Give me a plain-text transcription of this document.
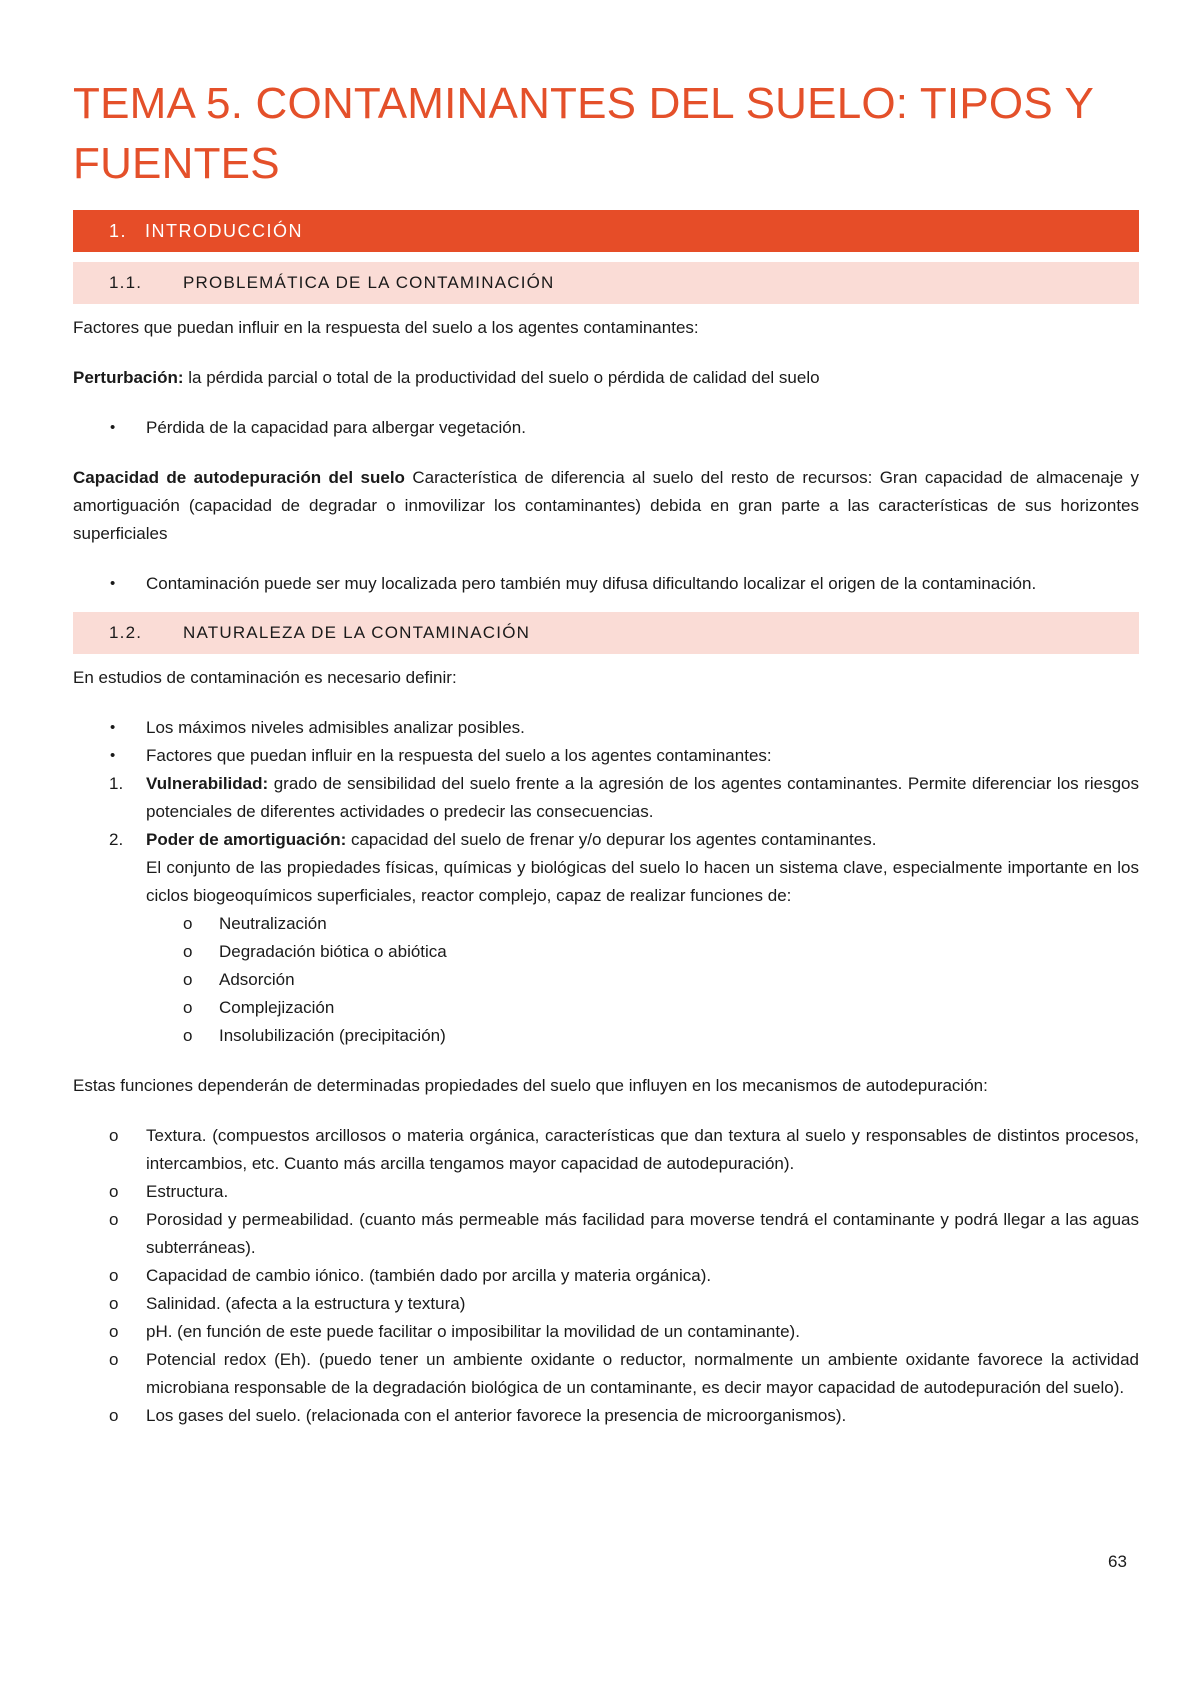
TEMA 5. CONTAMINANTES DEL SUELO: TIPOS Y FUENTES
1. INTRODUCCIÓN
1.1. PROBLEMÁTICA DE LA CONTAMINACIÓN

Factores que puedan influir en la respuesta del suelo a los agentes contaminantes:

Perturbación: la pérdida parcial o total de la productividad del suelo o pérdida de calidad del suelo

• Pérdida de la capacidad para albergar vegetación.

Capacidad de autodepuración del suelo Característica de diferencia al suelo del resto de recursos: Gran capacidad de almacenaje y amortiguación (capacidad de degradar o inmovilizar los contaminantes) debida en gran parte a las características de sus horizontes superficiales

• Contaminación puede ser muy localizada pero también muy difusa dificultando localizar el origen de la contaminación.
1.2. NATURALEZA DE LA CONTAMINACIÓN

En estudios de contaminación es necesario definir:

• Los máximos niveles admisibles analizar posibles.
• Factores que puedan influir en la respuesta del suelo a los agentes contaminantes:
1. Vulnerabilidad: grado de sensibilidad del suelo frente a la agresión de los agentes contaminantes. Permite diferenciar los riesgos potenciales de diferentes actividades o predecir las consecuencias.
2. Poder de amortiguación: capacidad del suelo de frenar y/o depurar los agentes contaminantes.
El conjunto de las propiedades físicas, químicas y biológicas del suelo lo hacen un sistema clave, especialmente importante en los ciclos biogeoquímicos superficiales, reactor complejo, capaz de realizar funciones de:
o Neutralización
o Degradación biótica o abiótica
o Adsorción
o Complejización
o Insolubilización (precipitación)

Estas funciones dependerán de determinadas propiedades del suelo que influyen en los mecanismos de autodepuración:

o Textura. (compuestos arcillosos o materia orgánica, características que dan textura al suelo y responsables de distintos procesos, intercambios, etc. Cuanto más arcilla tengamos mayor capacidad de autodepuración).
o Estructura.
o Porosidad y permeabilidad. (cuanto más permeable más facilidad para moverse tendrá el contaminante y podrá llegar a las aguas subterráneas).
o Capacidad de cambio iónico. (también dado por arcilla y materia orgánica).
o Salinidad. (afecta a la estructura y textura)
o pH. (en función de este puede facilitar o imposibilitar la movilidad de un contaminante).
o Potencial redox (Eh). (puedo tener un ambiente oxidante o reductor, normalmente un ambiente oxidante favorece la actividad microbiana responsable de la degradación biológica de un contaminante, es decir mayor capacidad de autodepuración del suelo).
o Los gases del suelo. (relacionada con el anterior favorece la presencia de microorganismos).
63
